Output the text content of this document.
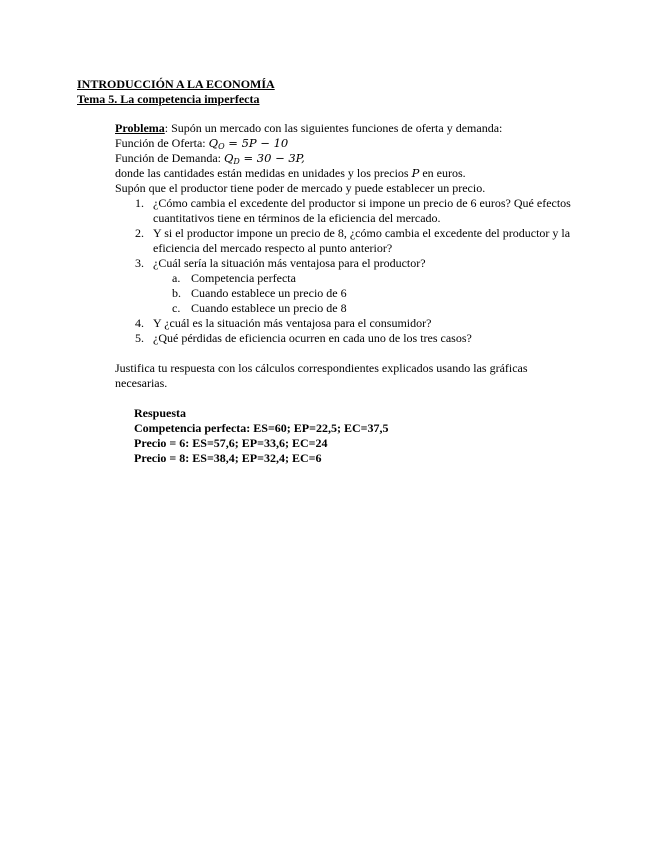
INTRODUCCIÓN A LA ECONOMÍA
Tema 5. La competencia imperfecta
Problema: Supón un mercado con las siguientes funciones de oferta y demanda:
Función de Oferta: $Q_O = 5P - 10$
Función de Demanda: $Q_D = 30 - 3P$,
donde las cantidades están medidas en unidades y los precios P en euros.
Supón que el productor tiene poder de mercado y puede establecer un precio.
1. ¿Cómo cambia el excedente del productor si impone un precio de 6 euros? Qué efectos cuantitativos tiene en términos de la eficiencia del mercado.
2. Y si el productor impone un precio de 8, ¿cómo cambia el excedente del productor y la eficiencia del mercado respecto al punto anterior?
3. ¿Cuál sería la situación más ventajosa para el productor?
a. Competencia perfecta
b. Cuando establece un precio de 6
c. Cuando establece un precio de 8
4. Y ¿cuál es la situación más ventajosa para el consumidor?
5. ¿Qué pérdidas de eficiencia ocurren en cada uno de los tres casos?
Justifica tu respuesta con los cálculos correspondientes explicados usando las gráficas necesarias.
Respuesta
Competencia perfecta: ES=60; EP=22,5; EC=37,5
Precio = 6: ES=57,6; EP=33,6; EC=24
Precio = 8: ES=38,4; EP=32,4; EC=6
